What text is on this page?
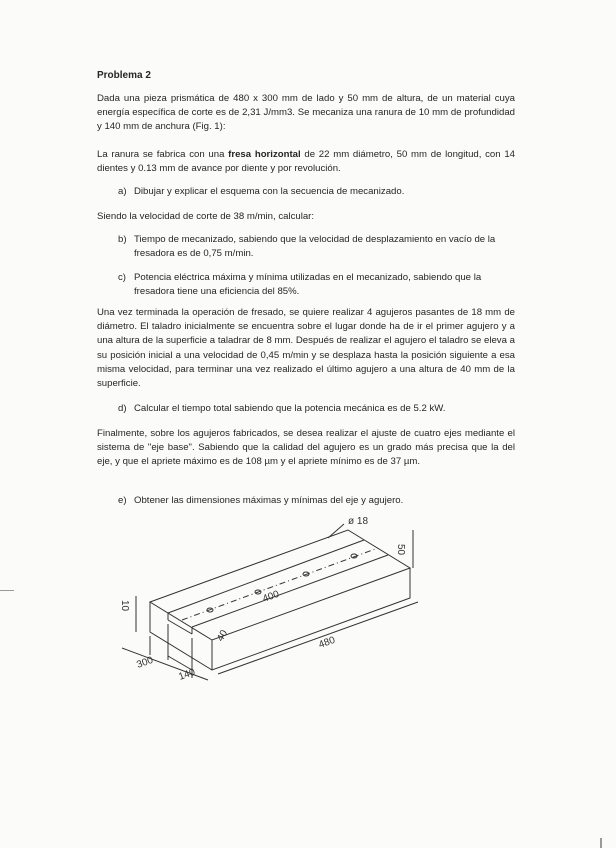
Problema 2
Dada una pieza prismática de 480 x 300 mm de lado y 50 mm de altura, de un material cuya energía específica de corte es de 2,31 J/mm3. Se mecaniza una ranura de 10 mm de profundidad y 140 mm de anchura (Fig. 1):
La ranura se fabrica con una fresa horizontal de 22 mm diámetro, 50 mm de longitud, con 14 dientes y 0.13 mm de avance por diente y por revolución.
a) Dibujar y explicar el esquema con la secuencia de mecanizado.
Siendo la velocidad de corte de 38 m/min, calcular:
b) Tiempo de mecanizado, sabiendo que la velocidad de desplazamiento en vacío de la fresadora es de 0,75 m/min.
c) Potencia eléctrica máxima y mínima utilizadas en el mecanizado, sabiendo que la fresadora tiene una eficiencia del 85%.
Una vez terminada la operación de fresado, se quiere realizar 4 agujeros pasantes de 18 mm de diámetro. El taladro inicialmente se encuentra sobre el lugar donde ha de ir el primer agujero y a una altura de la superficie a taladrar de 8 mm. Después de realizar el agujero el taladro se eleva a su posición inicial a una velocidad de 0,45 m/min y se desplaza hasta la posición siguiente a esa misma velocidad, para terminar una vez realizado el último agujero a una altura de 40 mm de la superficie.
d) Calcular el tiempo total sabiendo que la potencia mecánica es de 5.2 kW.
Finalmente, sobre los agujeros fabricados, se desea realizar el ajuste de cuatro ejes mediante el sistema de "eje base". Sabiendo que la calidad del agujero es un grado más precisa que la del eje, y que el apriete máximo es de 108 µm y el apriete mínimo es de 37 µm.
e) Obtener las dimensiones máximas y mínimas del eje y agujero.
ø 18
50
10
400
40	480
300
140
